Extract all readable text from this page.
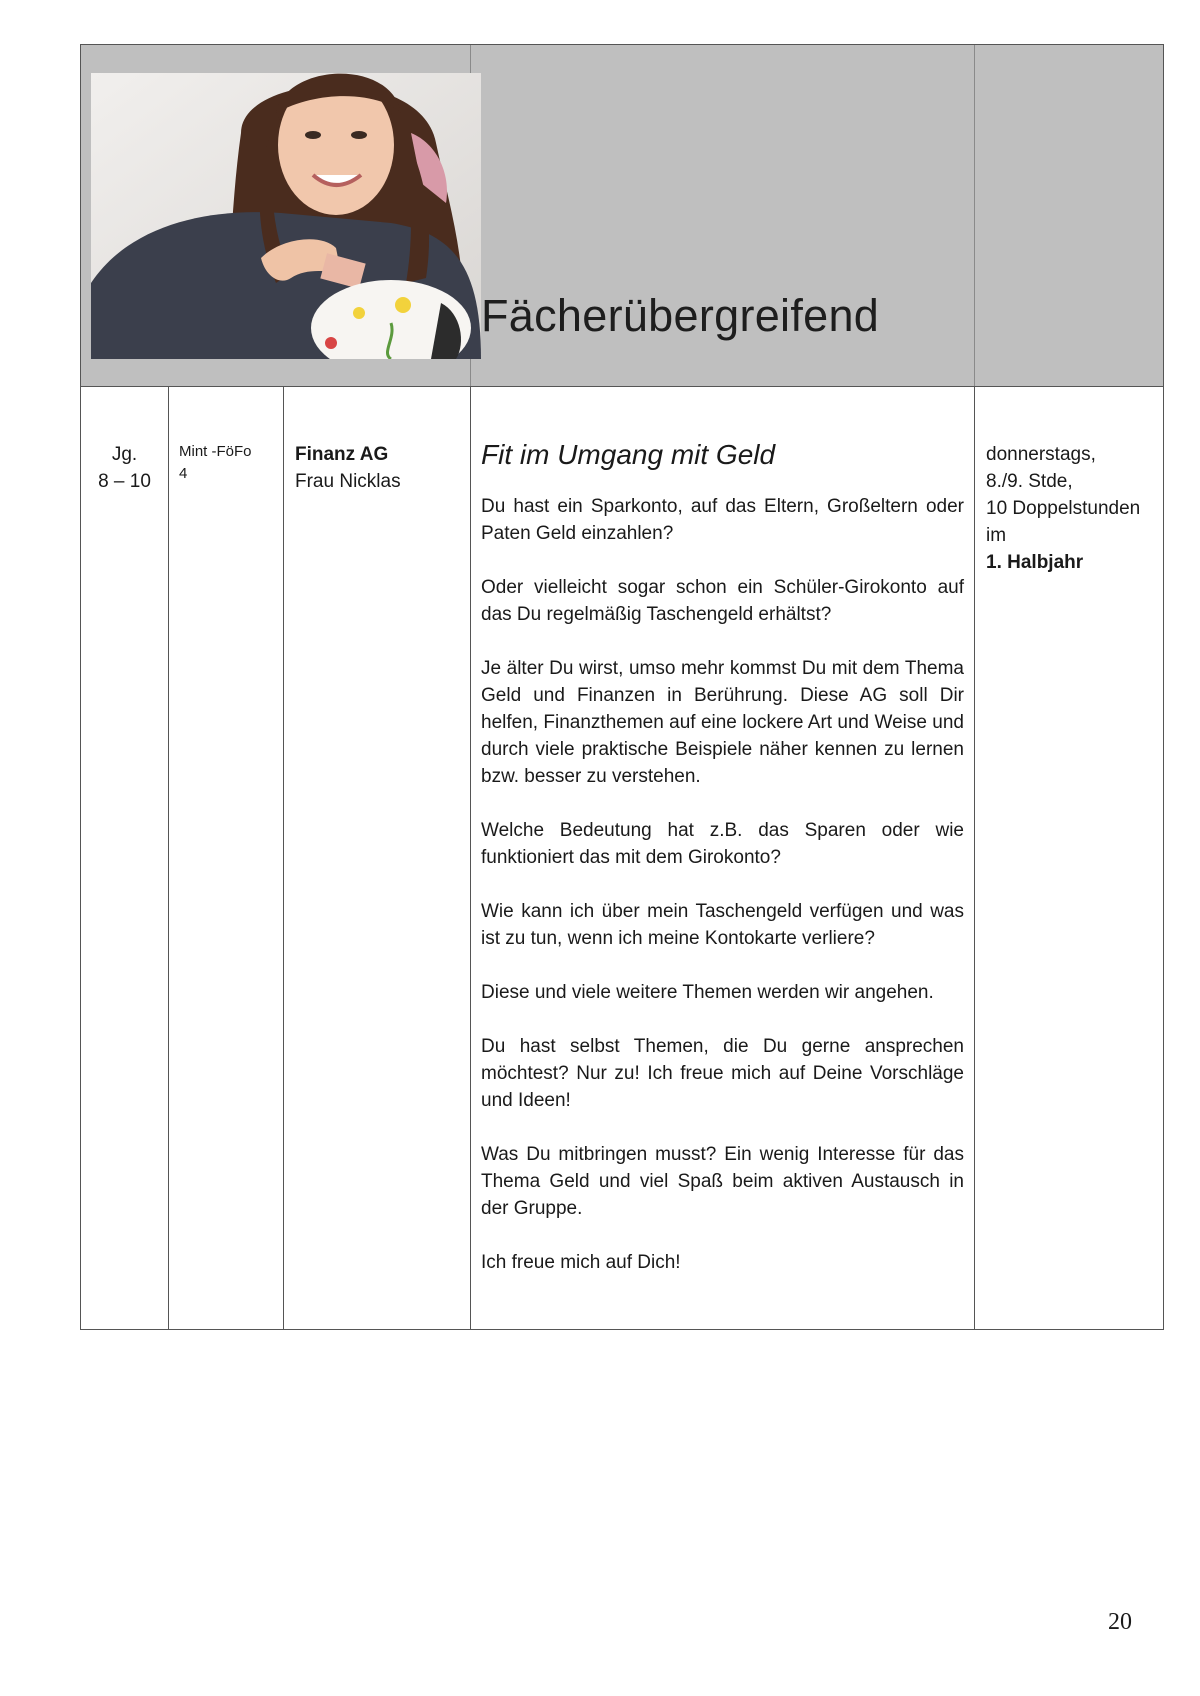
Fächerübergreifend
Jg.
8 – 10
Mint -FöFo
4
Finanz AG
Frau Nicklas
Fit im Umgang mit Geld

Du hast ein Sparkonto, auf das Eltern, Großeltern oder Paten Geld einzahlen?

Oder vielleicht sogar schon ein Schüler-Girokonto auf das Du regelmäßig Taschengeld erhältst?

Je älter Du wirst, umso mehr kommst Du mit dem Thema Geld und Finanzen in Berührung. Diese AG soll Dir helfen, Finanzthemen auf eine lockere Art und Weise und durch viele praktische Beispiele näher kennen zu lernen bzw. besser zu verstehen.

Welche Bedeutung hat z.B. das Sparen oder wie funktioniert das mit dem Girokonto?

Wie kann ich über mein Taschengeld verfügen und was ist zu tun, wenn ich meine Kontokarte verliere?

Diese und viele weitere Themen werden wir angehen.

Du hast selbst Themen, die Du gerne ansprechen möchtest? Nur zu! Ich freue mich auf Deine Vorschläge und Ideen!

Was Du mitbringen musst? Ein wenig Interesse für das Thema Geld und viel Spaß beim aktiven Austausch in der Gruppe.

Ich freue mich auf Dich!

donnerstags,
8./9. Stde,
10 Doppelstunden
im
1. Halbjahr
20
